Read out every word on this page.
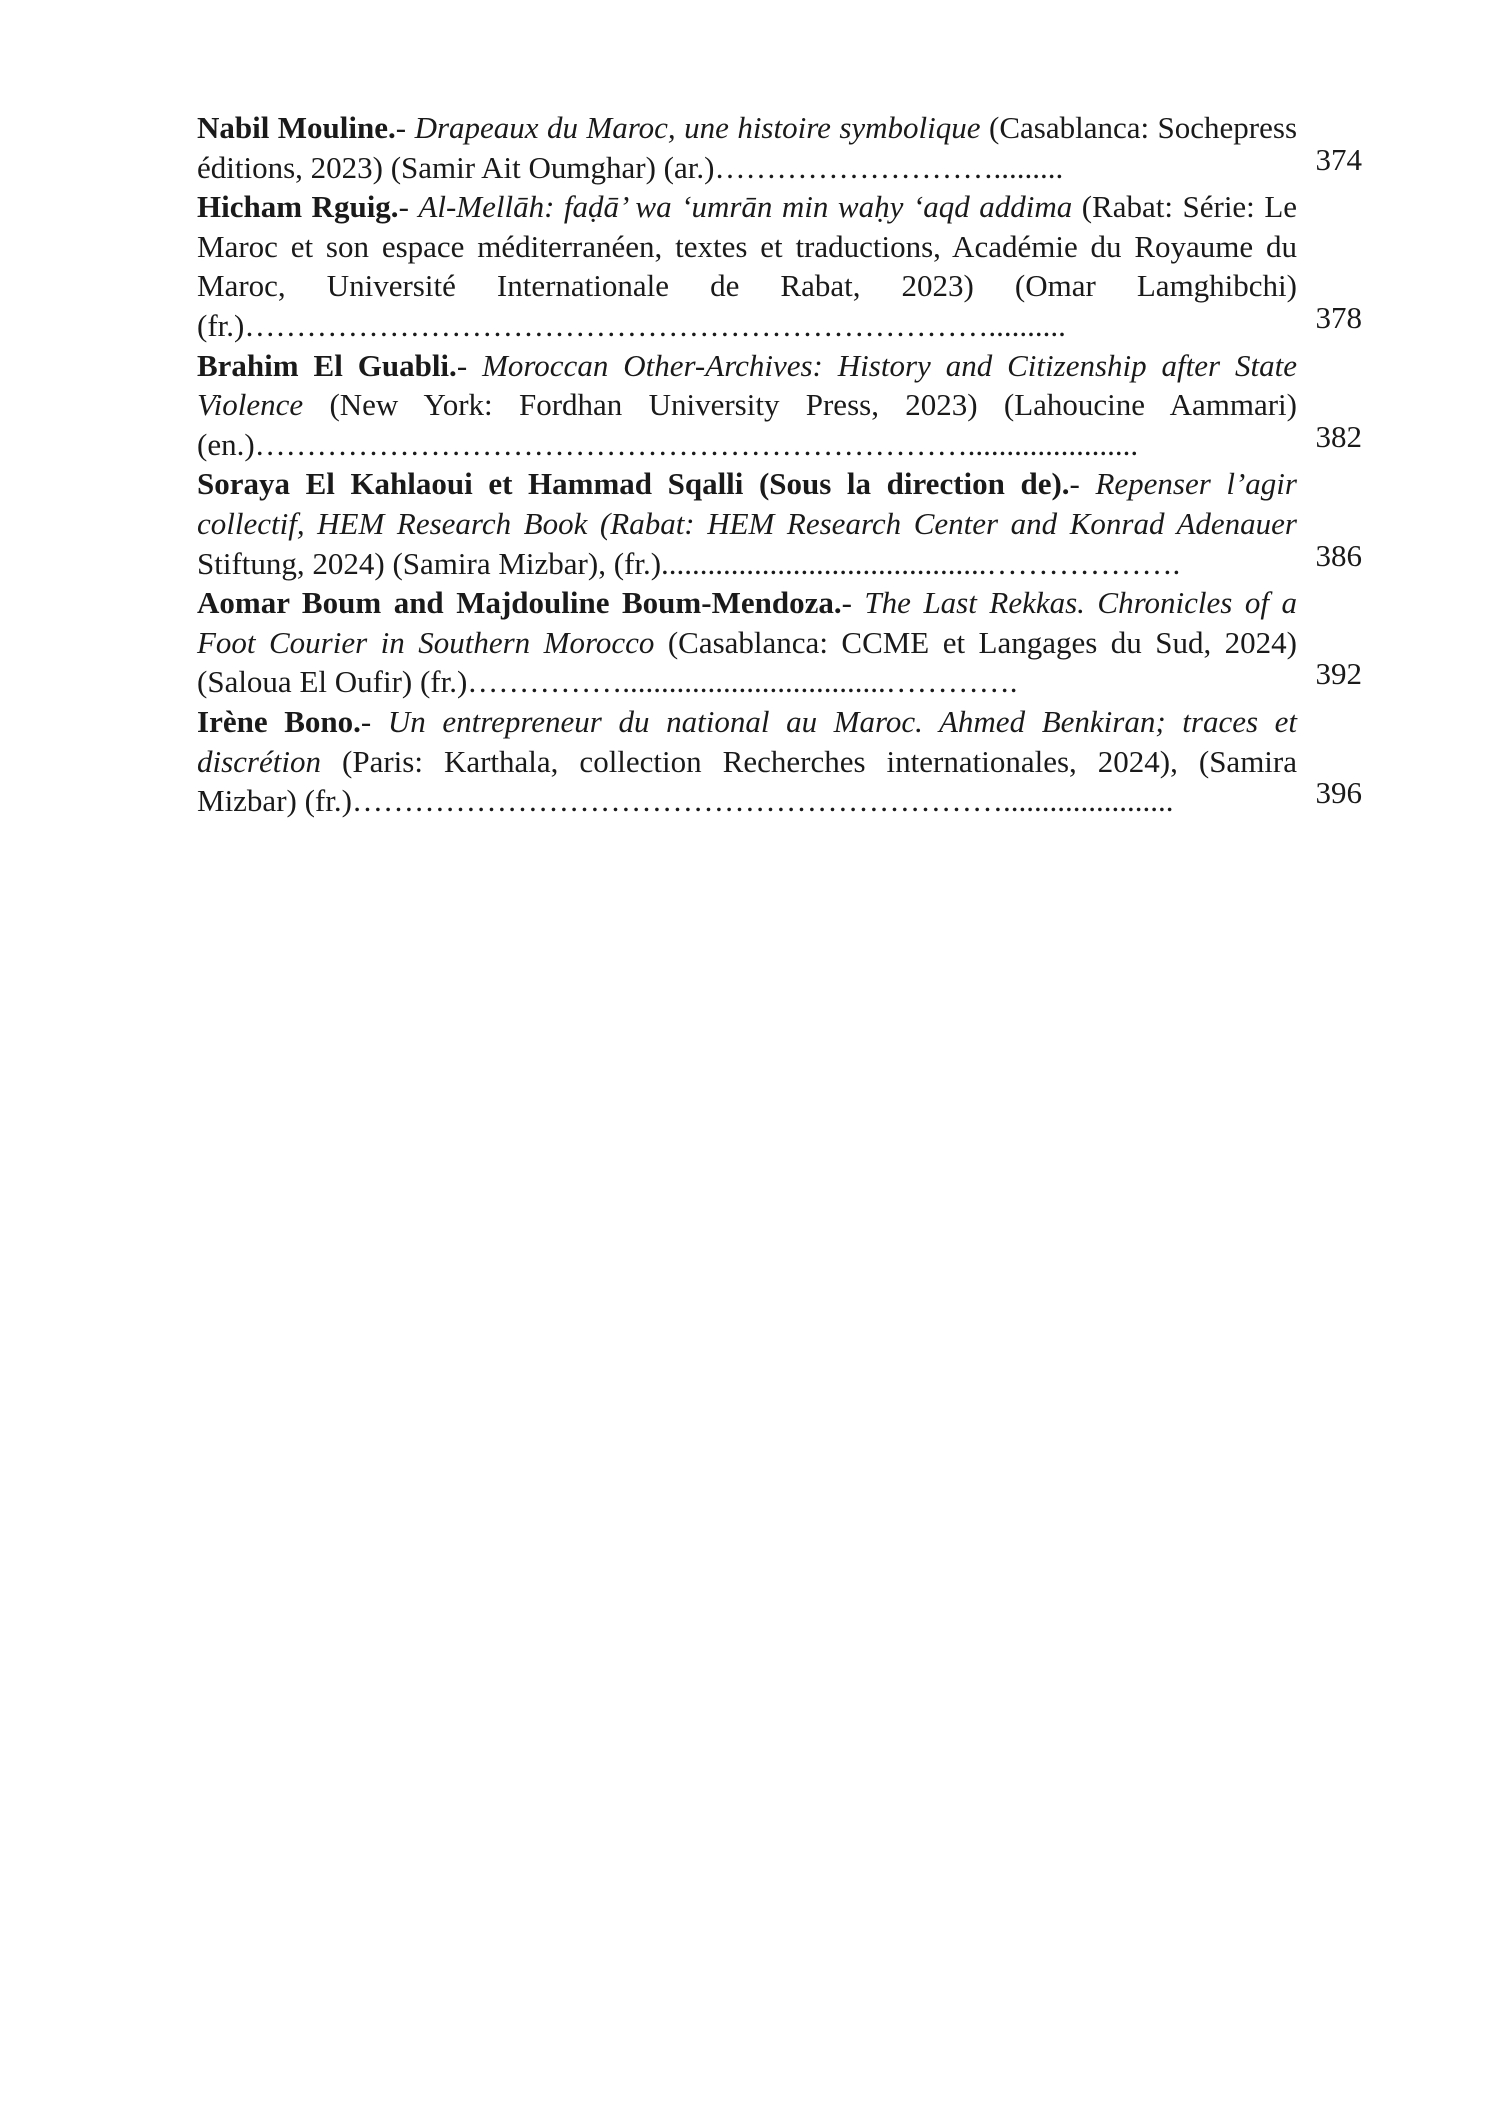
Nabil Mouline.- Drapeaux du Maroc, une histoire symbolique (Casablanca: Sochepress éditions, 2023) (Samir Ait Oumghar) (ar.)……………………….........	374
Hicham Rguig.- Al-Mellāh: faḍā’ wa ‘umrān min waḥy ‘aqd addima (Rabat: Série: Le Maroc et son espace méditerranéen, textes et traductions, Académie du Royaume du Maroc, Université Internationale de Rabat, 2023) (Omar Lamghibchi) (fr.)………………………………………………………………..........	378
Brahim El Guabli.- Moroccan Other-Archives: History and Citizenship after State Violence (New York: Fordhan University Press, 2023) (Lahoucine Aammari) (en.)……………………………………………………………......................	382
Soraya El Kahlaoui et Hammad Sqalli (Sous la direction de).- Repenser l’agir collectif, HEM Research Book (Rabat: HEM Research Center and Konrad Adenauer Stiftung, 2024) (Samira Mizbar), (fr.)..........................................……………….	386
Aomar Boum and Majdouline Boum-Mendoza.- The Last Rekkas. Chronicles of a Foot Courier in Southern Morocco (Casablanca: CCME et Langages du Sud, 2024) (Saloua El Oufir) (fr.)……………..................................………….	392
Irène Bono.- Un entrepreneur du national au Maroc. Ahmed Benkiran; traces et discrétion (Paris: Karthala, collection Recherches internationales, 2024), (Samira Mizbar) (fr.)………………………………………………………......................	396
